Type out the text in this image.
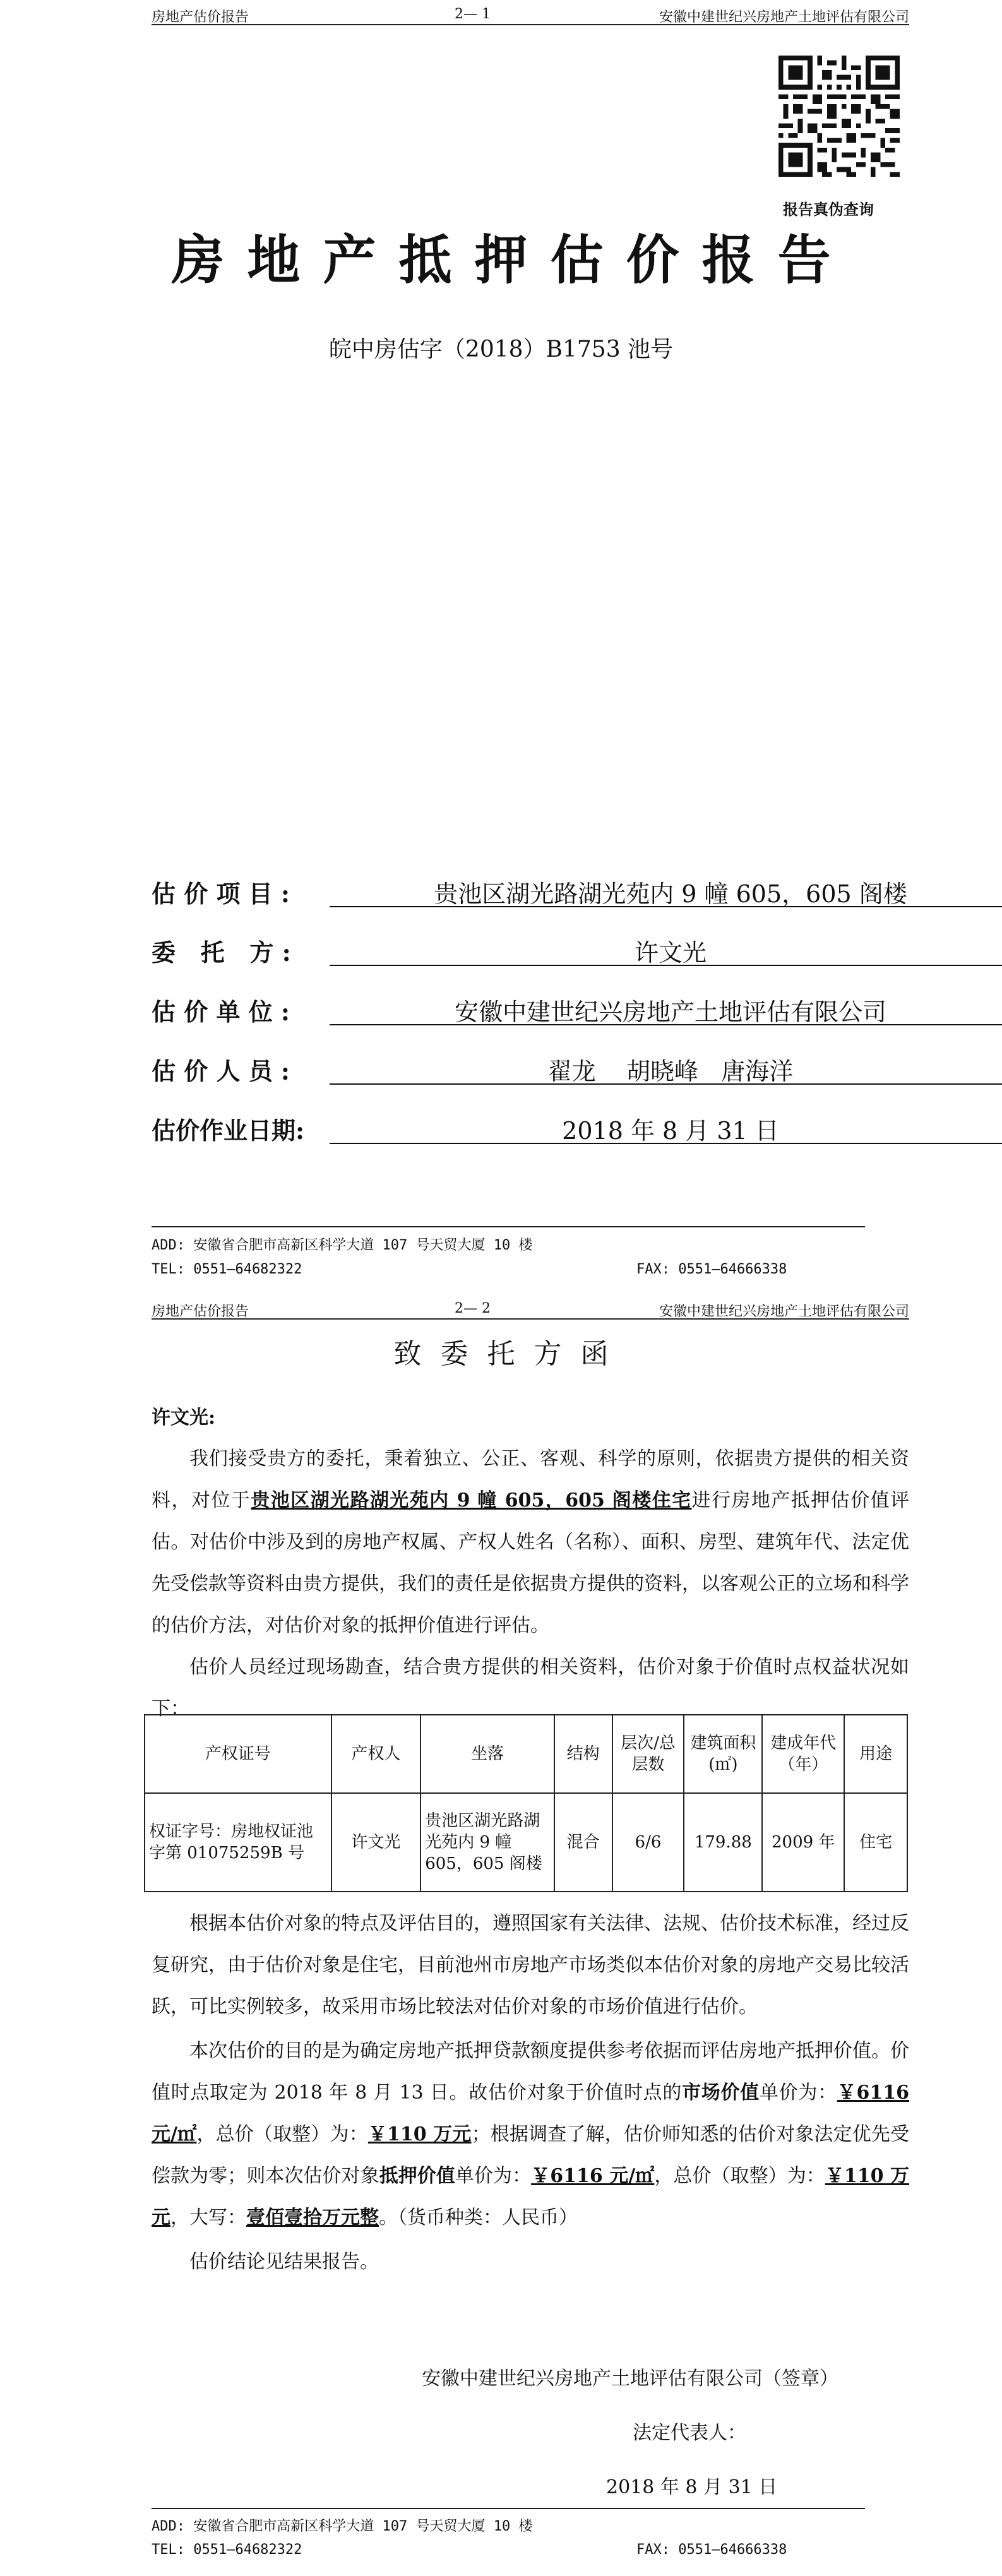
房地产估价报告	2— 1	安徽中建世纪兴房地产土地评估有限公司
报告真伪查询
房地产抵押估价报告
皖中房估字（2018）B1753 池号
估 价 项 目 :	贵池区湖光路湖光苑内 9 幢 605，605 阁楼
委   托   方 :	许文光
估 价 单 位 :	安徽中建世纪兴房地产土地评估有限公司
估 价 人 员 :	翟龙    胡晓峰   唐海洋
估价作业日期:	2018 年 8 月 31 日
ADD: 安徽省合肥市高新区科学大道 107 号天贸大厦 10 楼
TEL: 0551—64682322	FAX: 0551—64666338
房地产估价报告	2— 2	安徽中建世纪兴房地产土地评估有限公司
致委托方函
许文光:

我们接受贵方的委托，秉着独立、公正、客观、科学的原则，依据贵方提供的相关资料，对位于贵池区湖光路湖光苑内 9 幢 605，605 阁楼住宅进行房地产抵押估价值评估。对估价中涉及到的房地产权属、产权人姓名（名称）、面积、房型、建筑年代、法定优先受偿款等资料由贵方提供，我们的责任是依据贵方提供的资料，以客观公正的立场和科学的估价方法，对估价对象的抵押价值进行评估。

估价人员经过现场勘查，结合贵方提供的相关资料，估价对象于价值时点权益状况如下：

产权证号	产权人	坐落	结构	层次/总层数	建筑面积(㎡)	建成年代（年）	用途
权证字号：房地权证池字第 01075259B 号	许文光	贵池区湖光路湖光苑内 9 幢 605，605 阁楼	混合	6/6	179.88	2009 年	住宅

根据本估价对象的特点及评估目的，遵照国家有关法律、法规、估价技术标准，经过反复研究，由于估价对象是住宅，目前池州市房地产市场类似本估价对象的房地产交易比较活跃，可比实例较多，故采用市场比较法对估价对象的市场价值进行估价。

本次估价的目的是为确定房地产抵押贷款额度提供参考依据而评估房地产抵押价值。价值时点取定为 2018 年 8 月 13 日。故估价对象于价值时点的市场价值单价为：￥6116 元/㎡，总价（取整）为：￥110 万元；根据调查了解，估价师知悉的估价对象法定优先受偿款为零；则本次估价对象抵押价值单价为：￥6116 元/㎡，总价（取整）为：￥110 万元，大写：壹佰壹拾万元整。（货币种类：人民币）

估价结论见结果报告。

安徽中建世纪兴房地产土地评估有限公司（签章）
法定代表人：
2018 年 8 月 31 日
ADD: 安徽省合肥市高新区科学大道 107 号天贸大厦 10 楼
TEL: 0551—64682322	FAX: 0551—64666338
